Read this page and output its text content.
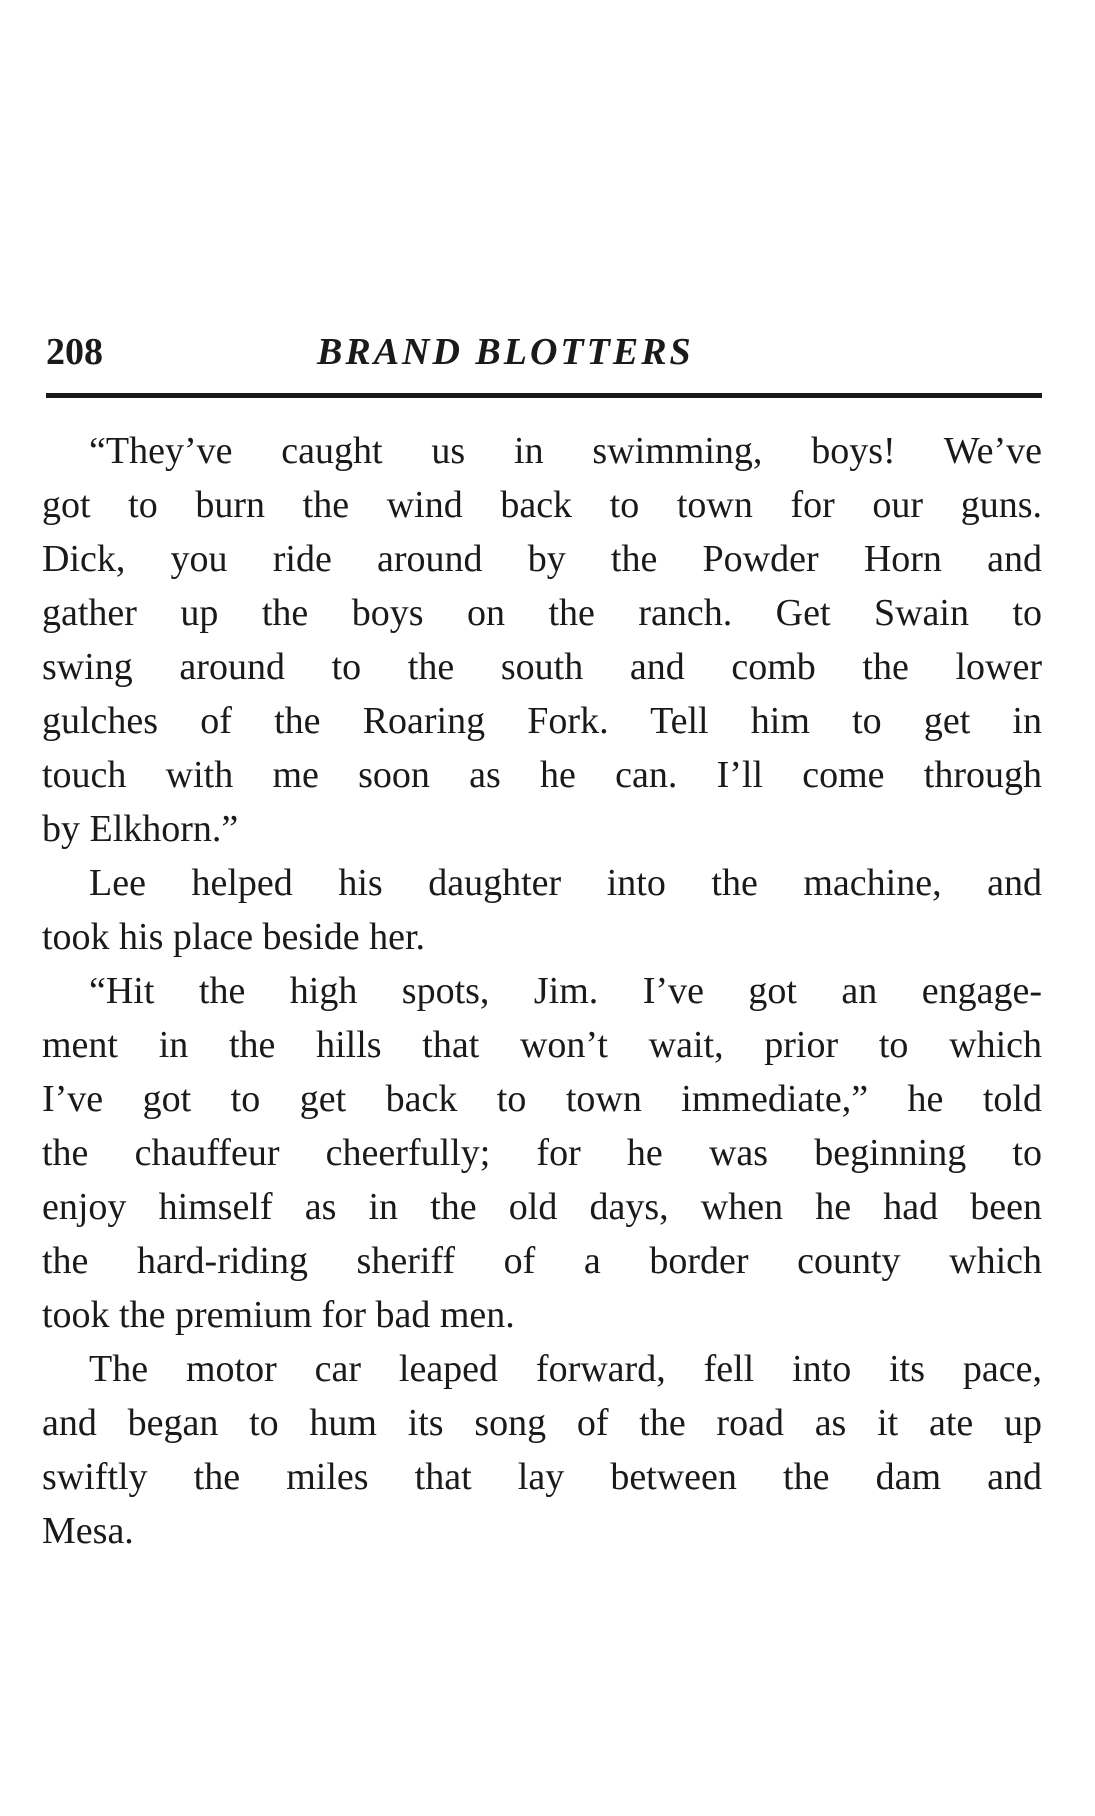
208	BRAND BLOTTERS
“They’ve caught us in swimming, boys! We’ve
got to burn the wind back to town for our guns.
Dick, you ride around by the Powder Horn and
gather up the boys on the ranch. Get Swain to
swing around to the south and comb the lower
gulches of the Roaring Fork. Tell him to get in
touch with me soon as he can. I’ll come through
by Elkhorn.”
Lee helped his daughter into the machine, and
took his place beside her.
“Hit the high spots, Jim. I’ve got an engage-
ment in the hills that won’t wait, prior to which
I’ve got to get back to town immediate,” he told
the chauffeur cheerfully; for he was beginning to
enjoy himself as in the old days, when he had been
the hard-riding sheriff of a border county which
took the premium for bad men.
The motor car leaped forward, fell into its pace,
and began to hum its song of the road as it ate up
swiftly the miles that lay between the dam and
Mesa.
